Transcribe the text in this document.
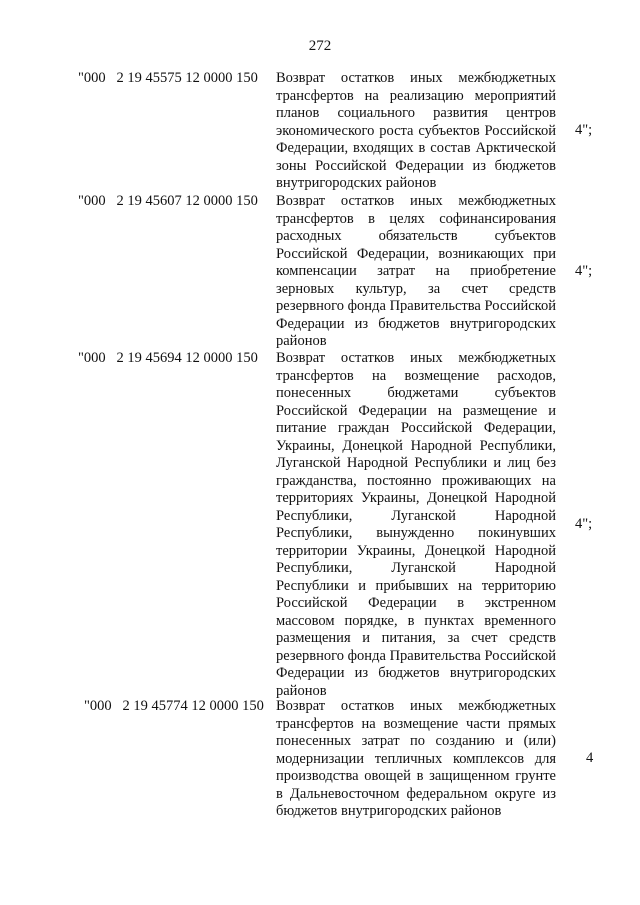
272
"000   2 19 45575 12 0000 150 Возврат остатков иных межбюджетных трансфертов на реализацию мероприятий планов социального развития центров экономического роста субъектов Российской Федерации, входящих в состав Арктической зоны Российской Федерации из бюджетов внутригородских районов
4";
"000   2 19 45607 12 0000 150 Возврат остатков иных межбюджетных трансфертов в целях софинансирования расходных обязательств субъектов Российской Федерации, возникающих при компенсации затрат на приобретение зерновых культур, за счет средств резервного фонда Правительства Российской Федерации из бюджетов внутригородских районов
4";
"000   2 19 45694 12 0000 150 Возврат остатков иных межбюджетных трансфертов на возмещение расходов, понесенных бюджетами субъектов Российской Федерации на размещение и питание граждан Российской Федерации, Украины, Донецкой Народной Республики, Луганской Народной Республики и лиц без гражданства, постоянно проживающих на территориях Украины, Донецкой Народной Республики, Луганской Народной Республики, вынужденно покинувших территории Украины, Донецкой Народной Республики, Луганской Народной Республики и прибывших на территорию Российской Федерации в экстренном массовом порядке, в пунктах временного размещения и питания, за счет средств резервного фонда Правительства Российской Федерации из бюджетов внутригородских районов
4";
"000   2 19 45774 12 0000 150 Возврат остатков иных межбюджетных трансфертов на возмещение части прямых понесенных затрат по созданию и (или) модернизации тепличных комплексов для производства овощей в защищенном грунте в Дальневосточном федеральном округе из бюджетов внутригородских районов
4
